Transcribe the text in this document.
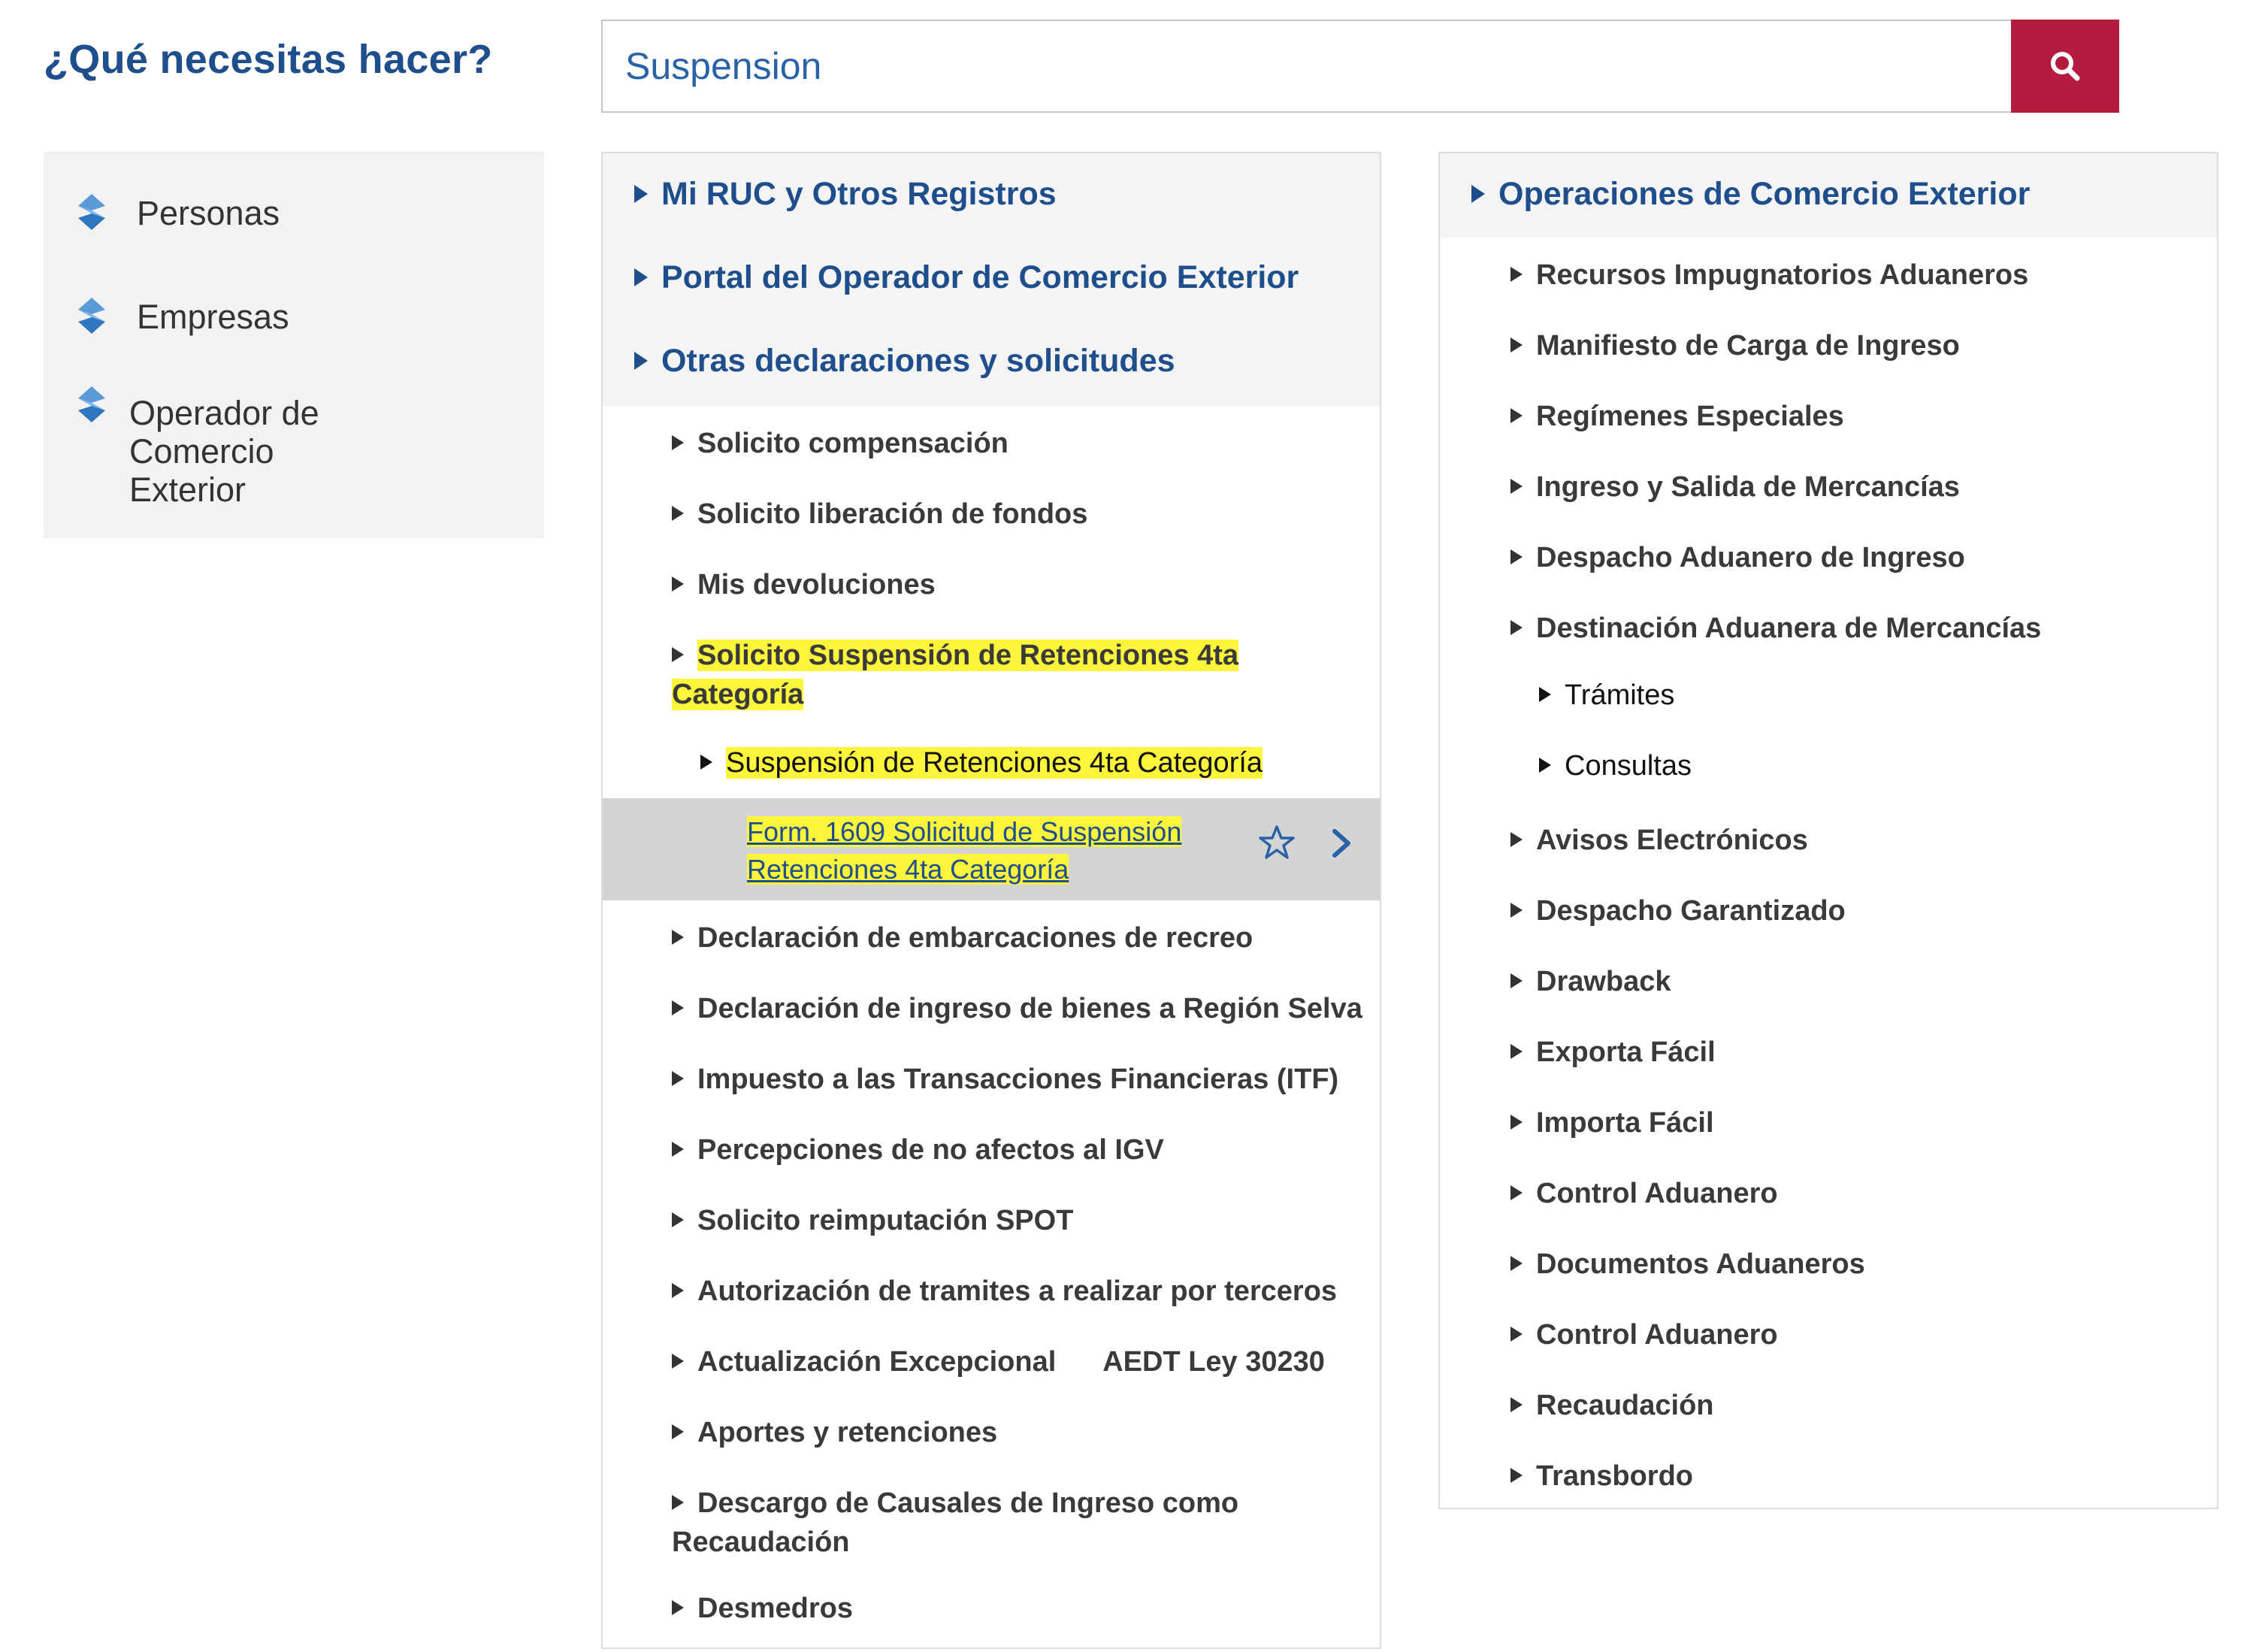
¿Qué necesitas hacer?
Suspension
Personas
Empresas
Operador de
Comercio
Exterior
Mi RUC y Otros Registros
Portal del Operador de Comercio Exterior
Otras declaraciones y solicitudes
Solicito compensación
Solicito liberación de fondos
Mis devoluciones
Solicito Suspensión de Retenciones 4ta
Categoría
Suspensión de Retenciones 4ta Categoría
Form. 1609 Solicitud de Suspensión
Retenciones 4ta Categoría
Declaración de embarcaciones de recreo
Declaración de ingreso de bienes a Región Selva
Impuesto a las Transacciones Financieras (ITF)
Percepciones de no afectos al IGV
Solicito reimputación SPOT
Autorización de tramites a realizar por terceros
Actualización Excepcional      AEDT Ley 30230
Aportes y retenciones
Descargo de Causales de Ingreso como
Recaudación
Desmedros
Operaciones de Comercio Exterior
Recursos Impugnatorios Aduaneros
Manifiesto de Carga de Ingreso
Regímenes Especiales
Ingreso y Salida de Mercancías
Despacho Aduanero de Ingreso
Destinación Aduanera de Mercancías
Trámites
Consultas
Avisos Electrónicos
Despacho Garantizado
Drawback
Exporta Fácil
Importa Fácil
Control Aduanero
Documentos Aduaneros
Control Aduanero
Recaudación
Transbordo
